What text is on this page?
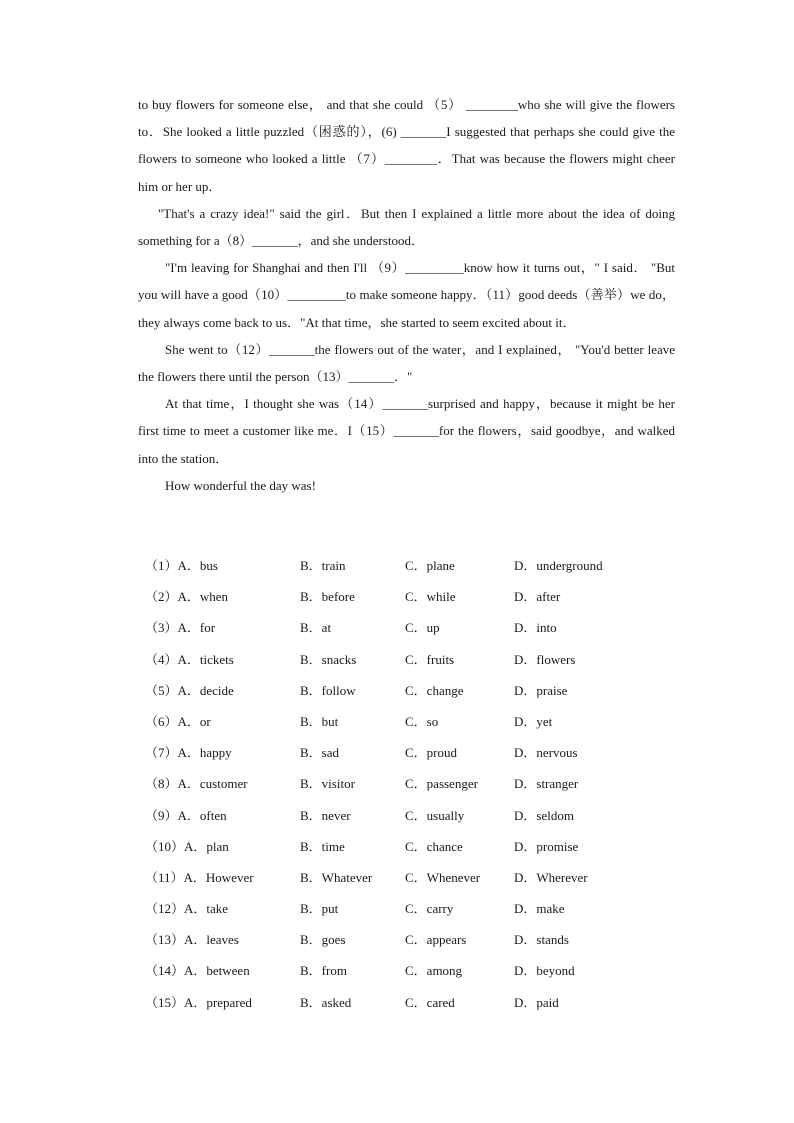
to buy flowers for someone else， and that she could （5） ________who she will give the flowers to．She looked a little puzzled（困惑的），(6) _______I suggested that perhaps she could give the flowers to someone who looked a little （7）________．That was because the flowers might cheer him or her up．

"That's a crazy idea!" said the girl．But then I explained a little more about the idea of doing something for a（8）_______，and she understood．

"I'm leaving for Shanghai and then I'll （9）_________know how it turns out，" I said． "But you will have a good（10）_________to make someone happy．（11）good deeds（善举）we do，they always come back to us．"At that time，she started to seem excited about it．

She went to（12）_______the flowers out of the water，and I explained， "You'd better leave the flowers there until the person（13）_______．"

At that time，I thought she was（14）_______surprised and happy，because it might be her first time to meet a customer like me．I（15）_______for the flowers，said goodbye，and walked into the station．

How wonderful the day was!

（1）A．bus	B．train	C．plane	D．underground
（2）A．when	B．before	C．while	D．after
（3）A．for	B．at	C．up	D．into
（4）A．tickets	B．snacks	C．fruits	D．flowers
（5）A．decide	B．follow	C．change	D．praise
（6）A．or	B．but	C．so	D．yet
（7）A．happy	B．sad	C．proud	D．nervous
（8）A．customer	B．visitor	C．passenger	D．stranger
（9）A．often	B．never	C．usually	D．seldom
（10）A．plan	B．time	C．chance	D．promise
（11）A．However	B．Whatever	C．Whenever	D．Wherever
（12）A．take	B．put	C．carry	D．make
（13）A．leaves	B．goes	C．appears	D．stands
（14）A．between	B．from	C．among	D．beyond
（15）A．prepared	B．asked	C．cared	D．paid
